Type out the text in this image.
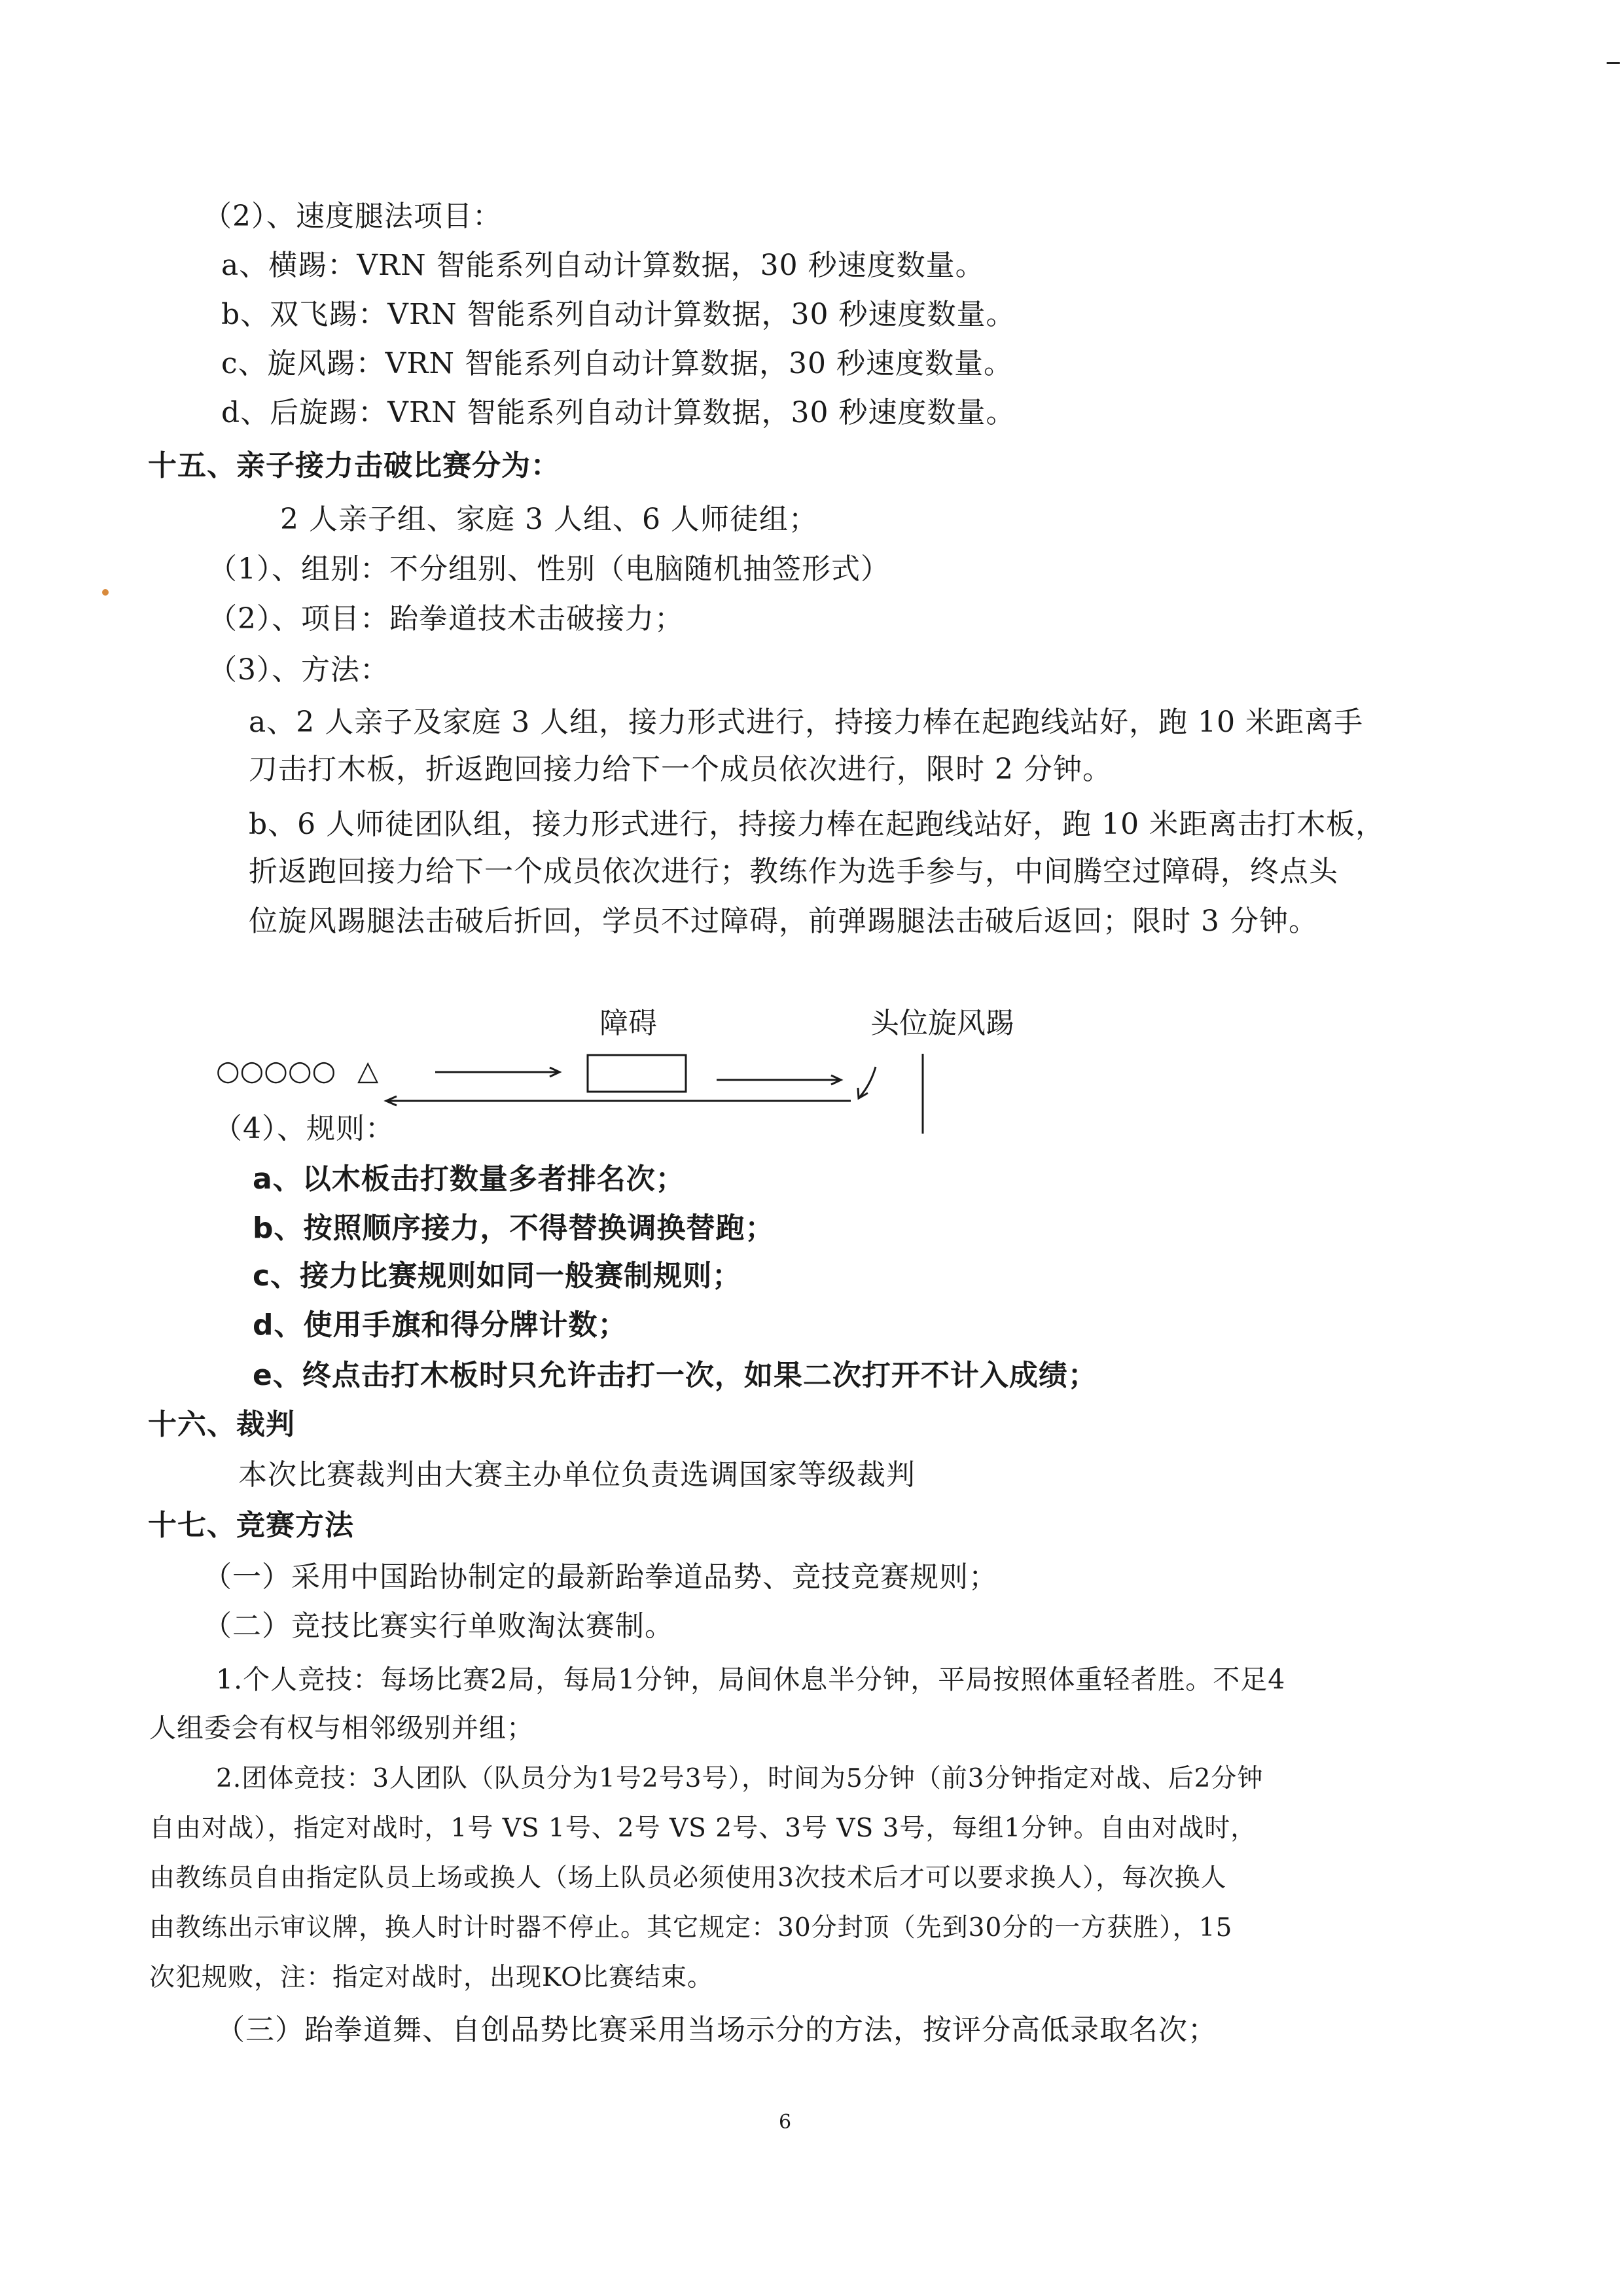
（2）、速度腿法项目：
a、横踢：VRN 智能系列自动计算数据，30 秒速度数量。
b、双飞踢：VRN 智能系列自动计算数据，30 秒速度数量。
c、旋风踢：VRN 智能系列自动计算数据，30 秒速度数量。
d、后旋踢：VRN 智能系列自动计算数据，30 秒速度数量。
十五、亲子接力击破比赛分为：
2 人亲子组、家庭 3 人组、6 人师徒组；
（1）、组别：不分组别、性别（电脑随机抽签形式）
（2）、项目：跆拳道技术击破接力；
（3）、方法：
a、2 人亲子及家庭 3 人组，接力形式进行，持接力棒在起跑线站好，跑 10 米距离手
刀击打木板，折返跑回接力给下一个成员依次进行，限时 2 分钟。
b、6 人师徒团队组，接力形式进行，持接力棒在起跑线站好，跑 10 米距离击打木板，
折返跑回接力给下一个成员依次进行；教练作为选手参与，中间腾空过障碍，终点头
位旋风踢腿法击破后折回，学员不过障碍，前弹踢腿法击破后返回；限时 3 分钟。
障碍	头位旋风踢
○○○○○ △
（4）、规则：
a、以木板击打数量多者排名次；
b、按照顺序接力，不得替换调换替跑；
c、接力比赛规则如同一般赛制规则；
d、使用手旗和得分牌计数；
e、终点击打木板时只允许击打一次，如果二次打开不计入成绩；
十六、裁判
本次比赛裁判由大赛主办单位负责选调国家等级裁判
十七、竞赛方法
（一）采用中国跆协制定的最新跆拳道品势、竞技竞赛规则；
（二）竞技比赛实行单败淘汰赛制。
1.个人竞技：每场比赛2局，每局1分钟，局间休息半分钟，平局按照体重轻者胜。不足4
人组委会有权与相邻级别并组；
2.团体竞技：3人团队（队员分为1号2号3号），时间为5分钟（前3分钟指定对战、后2分钟
自由对战），指定对战时，1号 VS 1号、2号 VS 2号、3号 VS 3号，每组1分钟。自由对战时，
由教练员自由指定队员上场或换人（场上队员必须使用3次技术后才可以要求换人），每次换人
由教练出示审议牌，换人时计时器不停止。其它规定：30分封顶（先到30分的一方获胜），15
次犯规败，注：指定对战时，出现KO比赛结束。
（三）跆拳道舞、自创品势比赛采用当场示分的方法，按评分高低录取名次；
6
